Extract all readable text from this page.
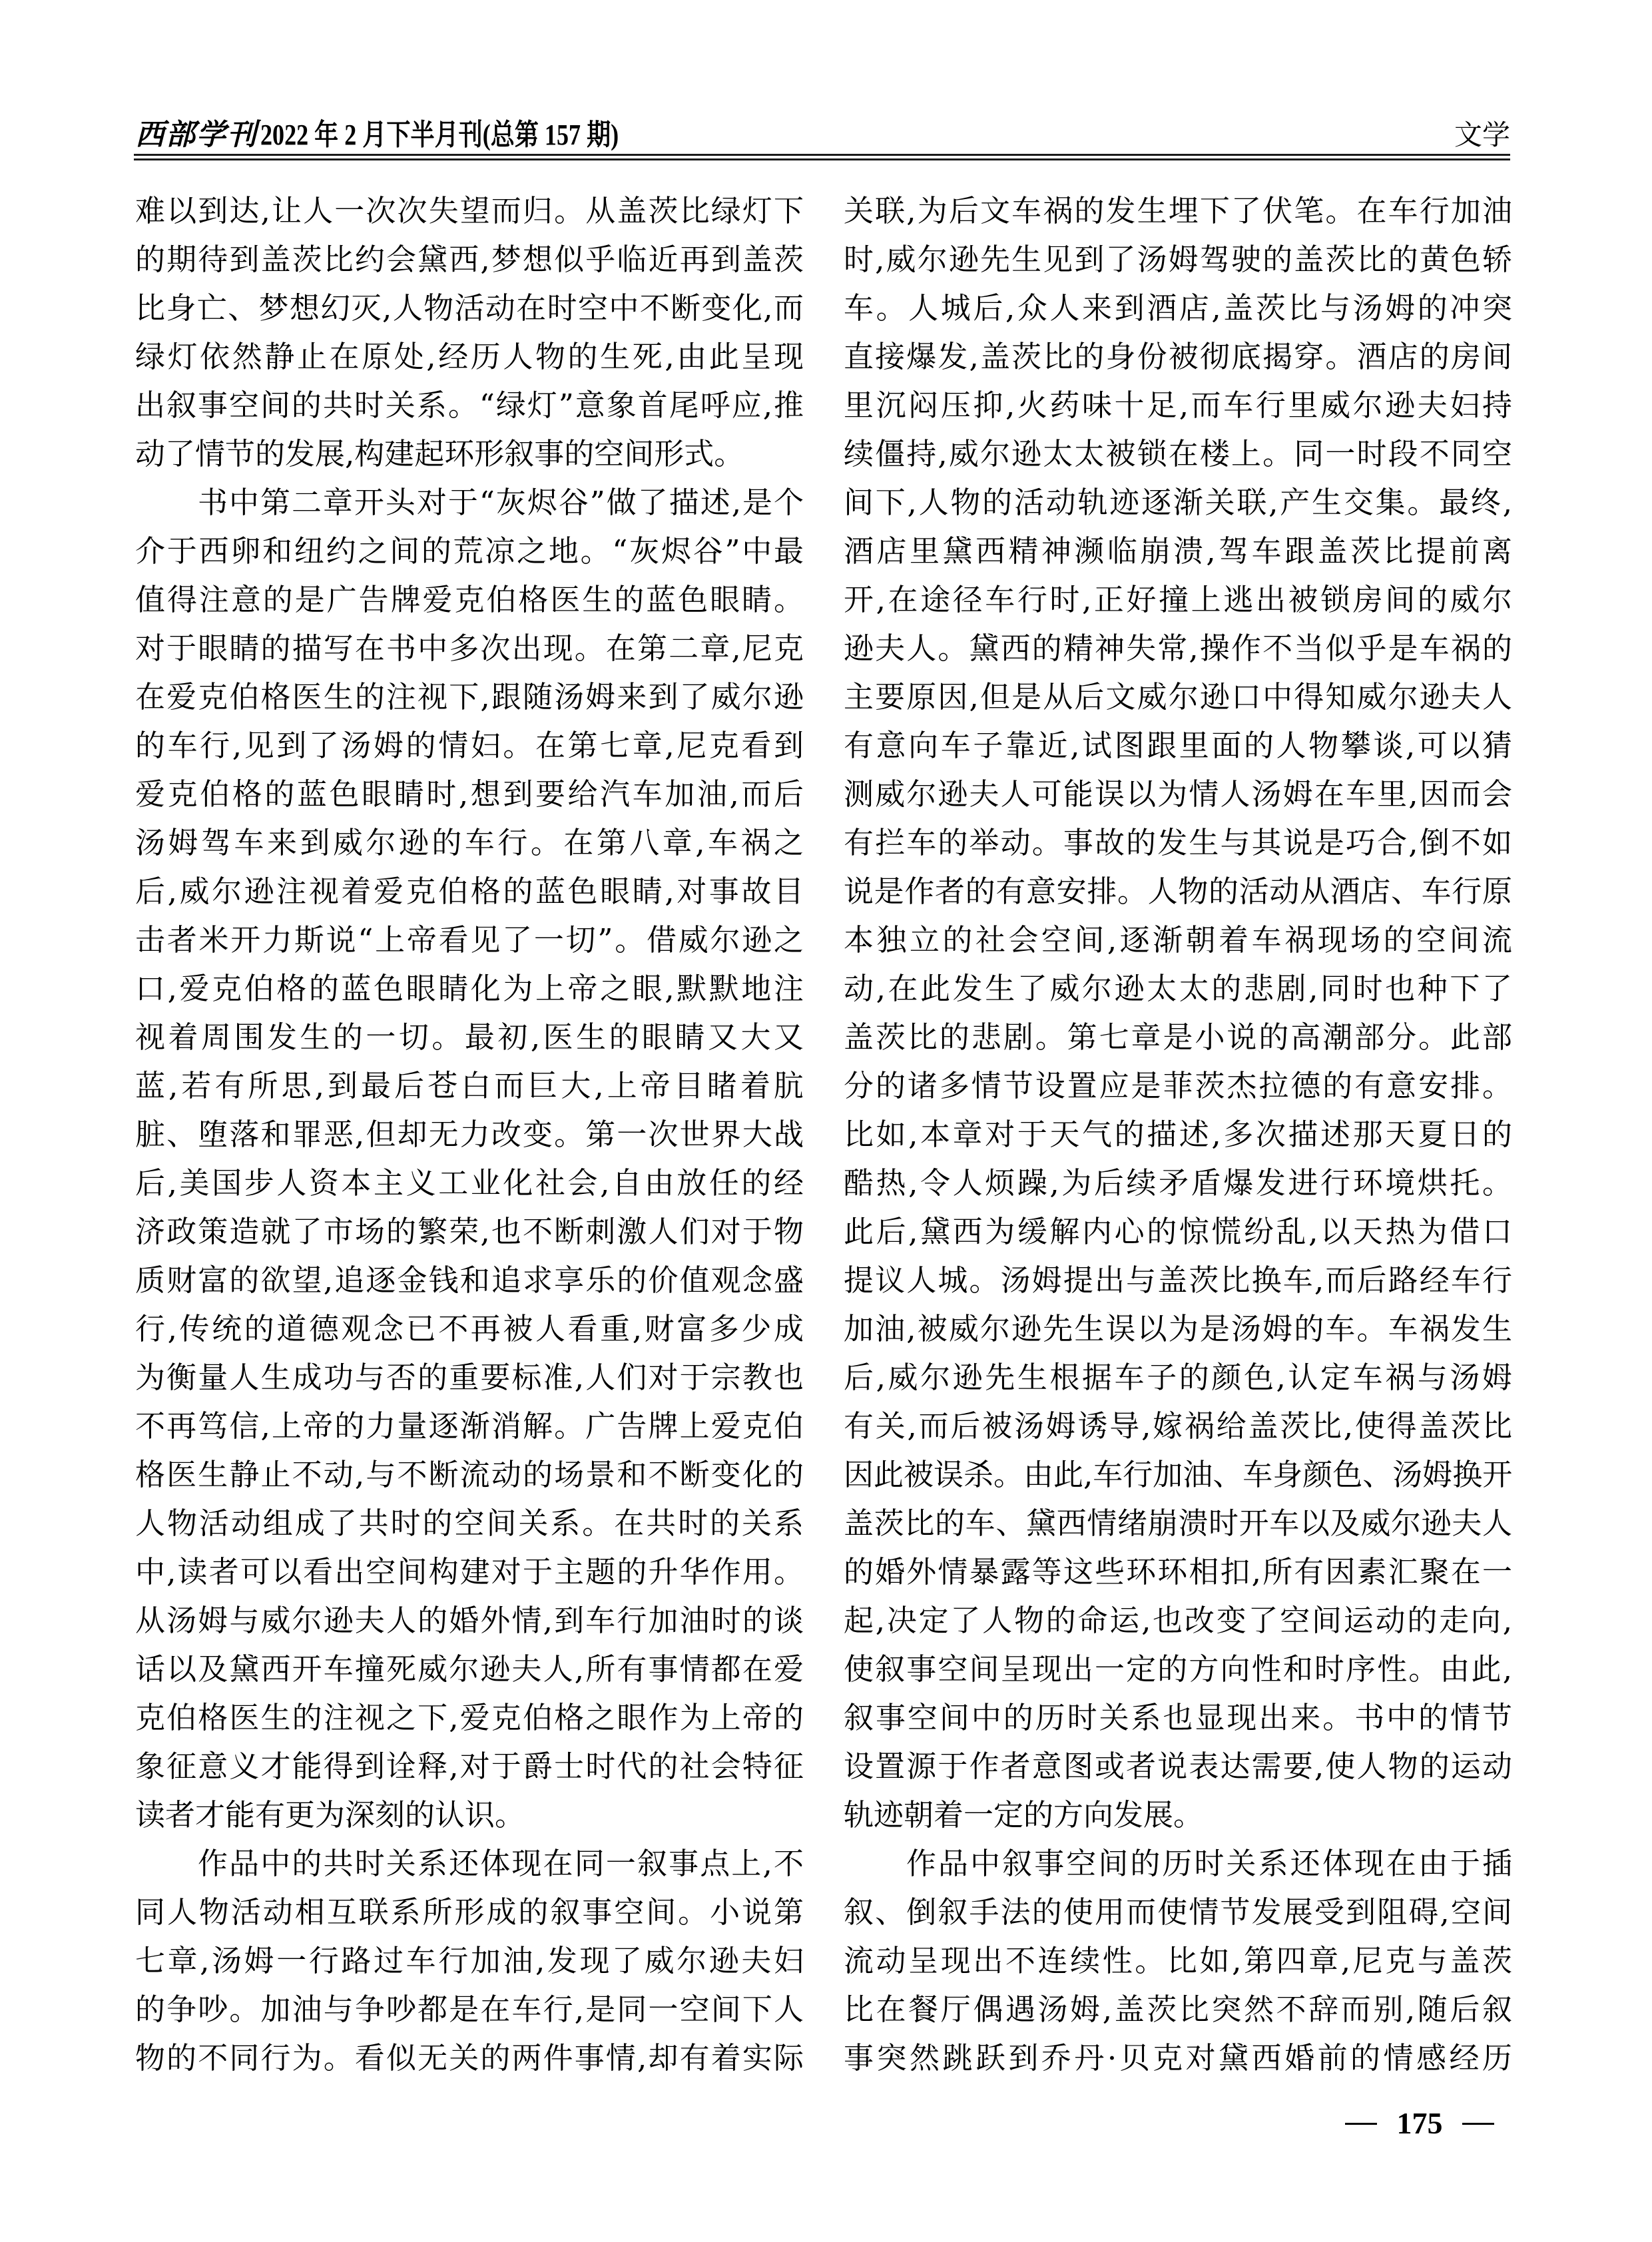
西部学刊 2022 年 2 月下半月刊(总第 157 期)	文学
难以到达,让人一次次失望而归。从盖茨比绿灯下
的期待到盖茨比约会黛西,梦想似乎临近再到盖茨
比身亡、梦想幻灭,人物活动在时空中不断变化,而
绿灯依然静止在原处,经历人物的生死,由此呈现
出叙事空间的共时关系。“绿灯”意象首尾呼应,推
动了情节的发展,构建起环形叙事的空间形式。
书中第二章开头对于“灰烬谷”做了描述,是个
介于西卵和纽约之间的荒凉之地。“灰烬谷”中最
值得注意的是广告牌爱克伯格医生的蓝色眼睛。
对于眼睛的描写在书中多次出现。在第二章,尼克
在爱克伯格医生的注视下,跟随汤姆来到了威尔逊
的车行,见到了汤姆的情妇。在第七章,尼克看到
爱克伯格的蓝色眼睛时,想到要给汽车加油,而后
汤姆驾车来到威尔逊的车行。在第八章,车祸之
后,威尔逊注视着爱克伯格的蓝色眼睛,对事故目
击者米开力斯说“上帝看见了一切”。借威尔逊之
口,爱克伯格的蓝色眼睛化为上帝之眼,默默地注
视着周围发生的一切。最初,医生的眼睛又大又
蓝,若有所思,到最后苍白而巨大,上帝目睹着肮
脏、堕落和罪恶,但却无力改变。第一次世界大战
后,美国步人资本主义工业化社会,自由放任的经
济政策造就了市场的繁荣,也不断刺激人们对于物
质财富的欲望,追逐金钱和追求享乐的价值观念盛
行,传统的道德观念已不再被人看重,财富多少成
为衡量人生成功与否的重要标准,人们对于宗教也
不再笃信,上帝的力量逐渐消解。广告牌上爱克伯
格医生静止不动,与不断流动的场景和不断变化的
人物活动组成了共时的空间关系。在共时的关系
中,读者可以看出空间构建对于主题的升华作用。
从汤姆与威尔逊夫人的婚外情,到车行加油时的谈
话以及黛西开车撞死威尔逊夫人,所有事情都在爱
克伯格医生的注视之下,爱克伯格之眼作为上帝的
象征意义才能得到诠释,对于爵士时代的社会特征
读者才能有更为深刻的认识。
作品中的共时关系还体现在同一叙事点上,不
同人物活动相互联系所形成的叙事空间。小说第
七章,汤姆一行路过车行加油,发现了威尔逊夫妇
的争吵。加油与争吵都是在车行,是同一空间下人
物的不同行为。看似无关的两件事情,却有着实际
关联,为后文车祸的发生埋下了伏笔。在车行加油
时,威尔逊先生见到了汤姆驾驶的盖茨比的黄色轿
车。人城后,众人来到酒店,盖茨比与汤姆的冲突
直接爆发,盖茨比的身份被彻底揭穿。酒店的房间
里沉闷压抑,火药味十足,而车行里威尔逊夫妇持
续僵持,威尔逊太太被锁在楼上。同一时段不同空
间下,人物的活动轨迹逐渐关联,产生交集。最终,
酒店里黛西精神濒临崩溃,驾车跟盖茨比提前离
开,在途径车行时,正好撞上逃出被锁房间的威尔
逊夫人。黛西的精神失常,操作不当似乎是车祸的
主要原因,但是从后文威尔逊口中得知威尔逊夫人
有意向车子靠近,试图跟里面的人物攀谈,可以猜
测威尔逊夫人可能误以为情人汤姆在车里,因而会
有拦车的举动。事故的发生与其说是巧合,倒不如
说是作者的有意安排。人物的活动从酒店、车行原
本独立的社会空间,逐渐朝着车祸现场的空间流
动,在此发生了威尔逊太太的悲剧,同时也种下了
盖茨比的悲剧。第七章是小说的高潮部分。此部
分的诸多情节设置应是菲茨杰拉德的有意安排。
比如,本章对于天气的描述,多次描述那天夏日的
酷热,令人烦躁,为后续矛盾爆发进行环境烘托。
此后,黛西为缓解内心的惊慌纷乱,以天热为借口
提议人城。汤姆提出与盖茨比换车,而后路经车行
加油,被威尔逊先生误以为是汤姆的车。车祸发生
后,威尔逊先生根据车子的颜色,认定车祸与汤姆
有关,而后被汤姆诱导,嫁祸给盖茨比,使得盖茨比
因此被误杀。由此,车行加油、车身颜色、汤姆换开
盖茨比的车、黛西情绪崩溃时开车以及威尔逊夫人
的婚外情暴露等这些环环相扣,所有因素汇聚在一
起,决定了人物的命运,也改变了空间运动的走向,
使叙事空间呈现出一定的方向性和时序性。由此,
叙事空间中的历时关系也显现出来。书中的情节
设置源于作者意图或者说表达需要,使人物的运动
轨迹朝着一定的方向发展。
作品中叙事空间的历时关系还体现在由于插
叙、倒叙手法的使用而使情节发展受到阻碍,空间
流动呈现出不连续性。比如,第四章,尼克与盖茨
比在餐厅偶遇汤姆,盖茨比突然不辞而别,随后叙
事突然跳跃到乔丹·贝克对黛西婚前的情感经历
175
